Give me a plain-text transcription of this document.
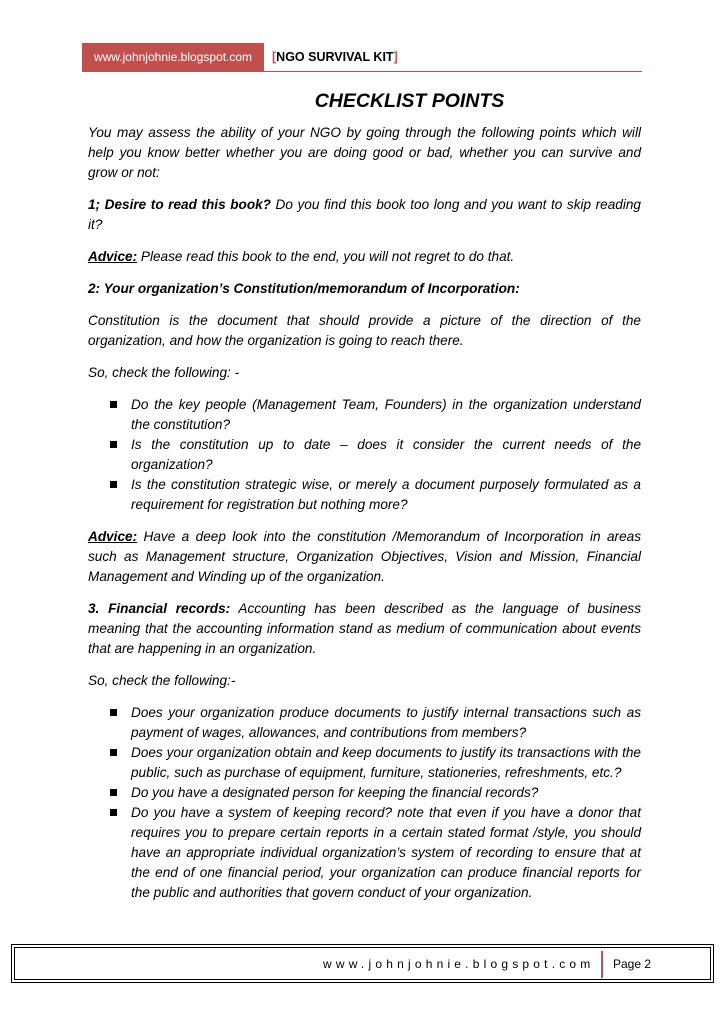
www.johnjohnie.blogspot.com	[NGO SURVIVAL KIT]
CHECKLIST POINTS

You may assess the ability of your NGO by going through the following points which will help you know better whether you are doing good or bad, whether you can survive and grow or not:

1; Desire to read this book? Do you find this book too long and you want to skip reading it?

Advice: Please read this book to the end, you will not regret to do that.

2: Your organization’s Constitution/memorandum of Incorporation:

Constitution is the document that should provide a picture of the direction of the organization, and how the organization is going to reach there.

So, check the following: -

Do the key people (Management Team, Founders) in the organization understand the constitution?
Is the constitution up to date – does it consider the current needs of the organization?
Is the constitution strategic wise, or merely a document purposely formulated as a requirement for registration but nothing more?

Advice: Have a deep look into the constitution /Memorandum of Incorporation in areas such as Management structure, Organization Objectives, Vision and Mission, Financial Management and Winding up of the organization.

3. Financial records: Accounting has been described as the language of business meaning that the accounting information stand as medium of communication about events that are happening in an organization.

So, check the following:-

Does your organization produce documents to justify internal transactions such as payment of wages, allowances, and contributions from members?
Does your organization obtain and keep documents to justify its transactions with the public, such as purchase of equipment, furniture, stationeries, refreshments, etc.?
Do you have a designated person for keeping the financial records?
Do you have a system of keeping record? note that even if you have a donor that requires you to prepare certain reports in a certain stated format /style, you should have an appropriate individual organization’s system of recording to ensure that at the end of one financial period, your organization can produce financial reports for the public and authorities that govern conduct of your organization.
www.johnjohnie.blogspot.com	Page 2
